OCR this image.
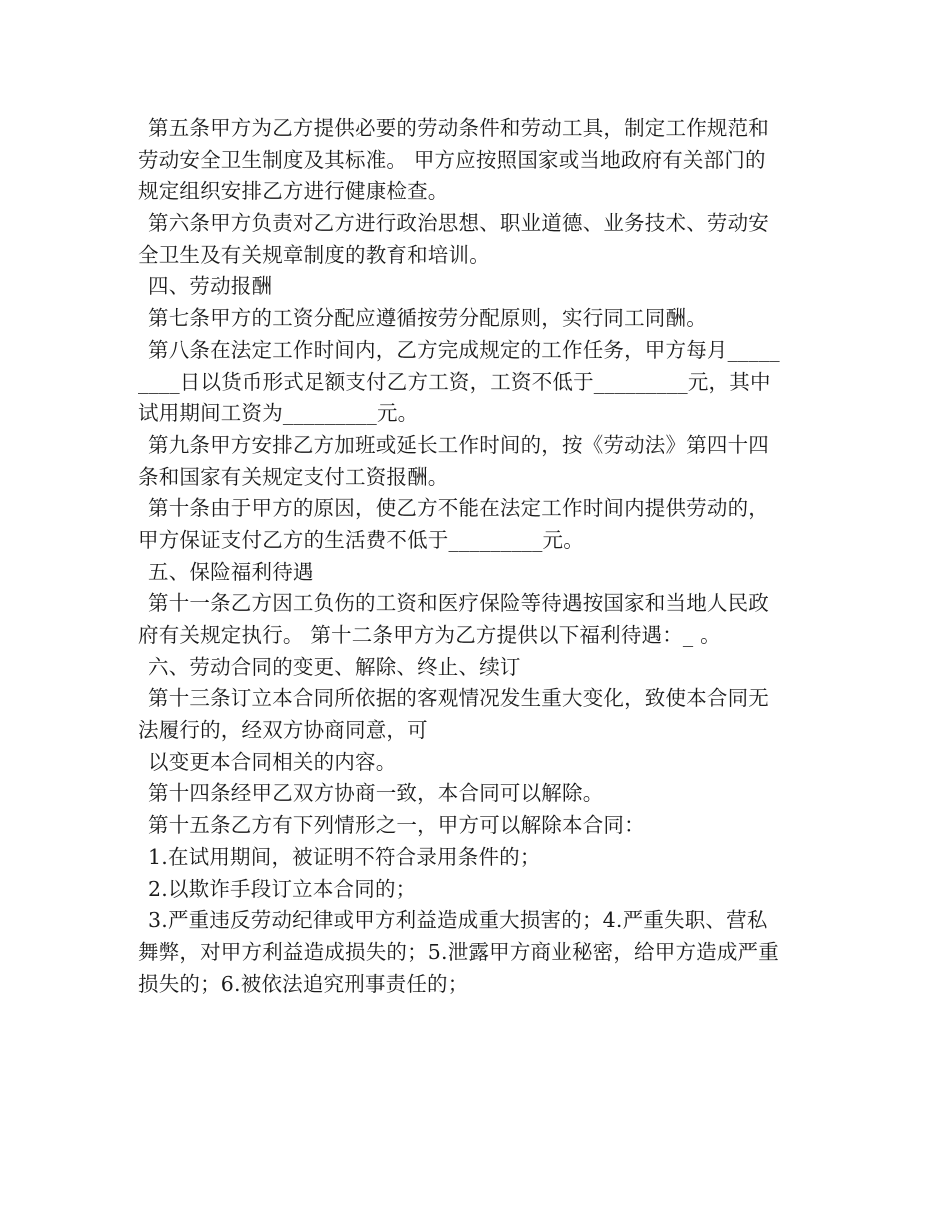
第五条甲方为乙方提供必要的劳动条件和劳动工具，制定工作规范和
劳动安全卫生制度及其标准。 甲方应按照国家或当地政府有关部门的
规定组织安排乙方进行健康检查。
第六条甲方负责对乙方进行政治思想、职业道德、业务技术、劳动安
全卫生及有关规章制度的教育和培训。
四、劳动报酬
第七条甲方的工资分配应遵循按劳分配原则，实行同工同酬。
第八条在法定工作时间内，乙方完成规定的工作任务，甲方每月_____
____日以货币形式足额支付乙方工资，工资不低于_________元，其中
试用期间工资为_________元。
第九条甲方安排乙方加班或延长工作时间的，按《劳动法》第四十四
条和国家有关规定支付工资报酬。
第十条由于甲方的原因，使乙方不能在法定工作时间内提供劳动的，
甲方保证支付乙方的生活费不低于_________元。
五、保险福利待遇
第十一条乙方因工负伤的工资和医疗保险等待遇按国家和当地人民政
府有关规定执行。 第十二条甲方为乙方提供以下福利待遇：_ 。
六、劳动合同的变更、解除、终止、续订
第十三条订立本合同所依据的客观情况发生重大变化，致使本合同无
法履行的，经双方协商同意，可
以变更本合同相关的内容。
第十四条经甲乙双方协商一致，本合同可以解除。
第十五条乙方有下列情形之一，甲方可以解除本合同：
1.在试用期间，被证明不符合录用条件的；
2.以欺诈手段订立本合同的；
3.严重违反劳动纪律或甲方利益造成重大损害的；4.严重失职、营私
舞弊，对甲方利益造成损失的；5.泄露甲方商业秘密，给甲方造成严重
损失的；6.被依法追究刑事责任的；
